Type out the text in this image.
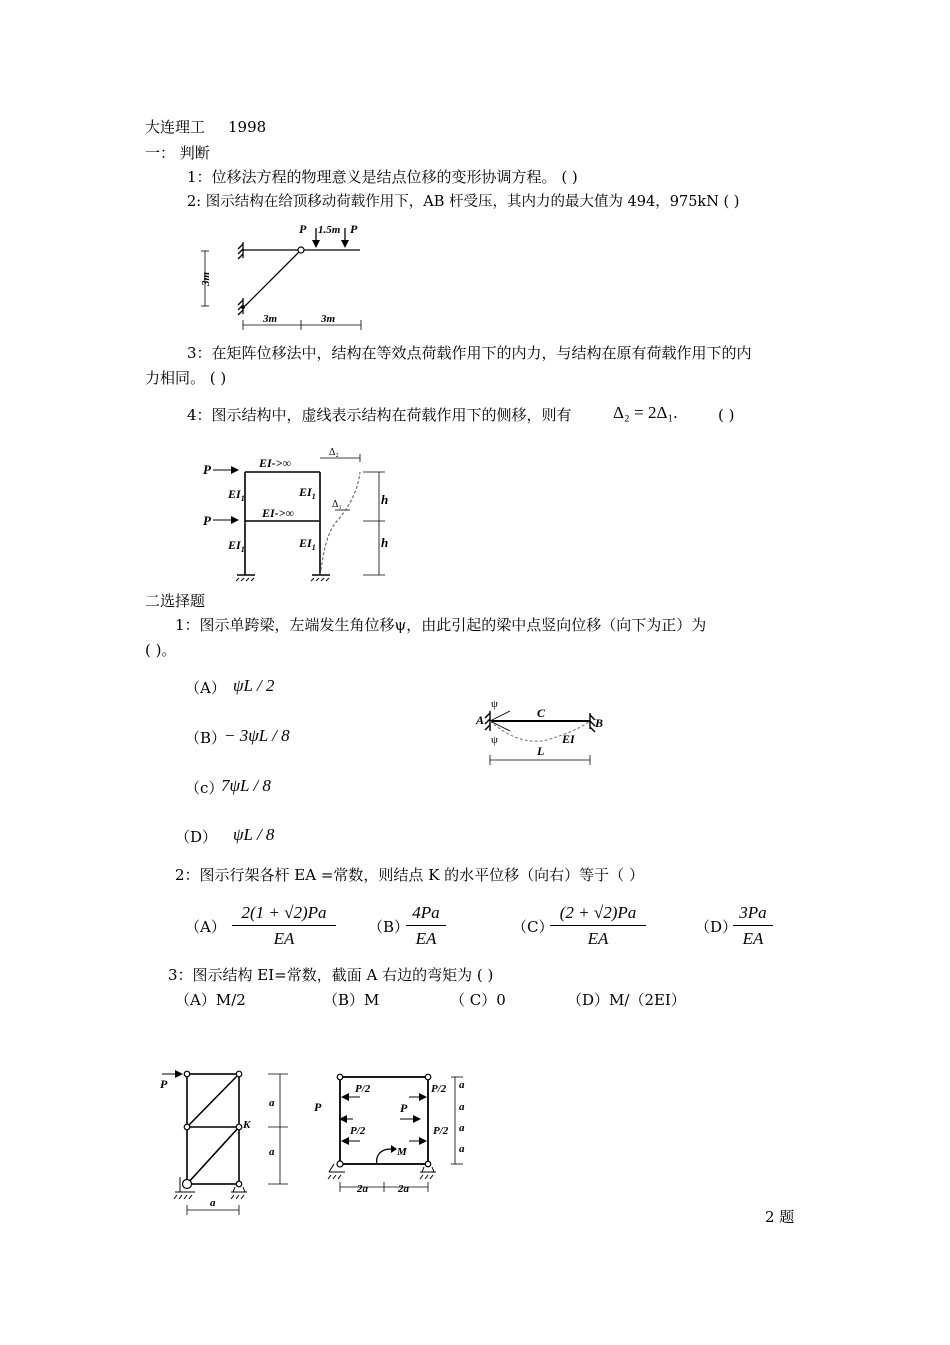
大连理工 1998
一： 判断
1：位移法方程的物理意义是结点位移的变形协调方程。 ( )
2: 图示结构在给顶移动荷载作用下，AB 杆受压，其内力的最大值为 494，975kN ( )
P 1.5m P
3m
3m	3m
3：在矩阵位移法中，结构在等效点荷载作用下的内力，与结构在原有荷载作用下的内
力相同。 ( )
4：图示结构中，虚线表示结构在荷载作用下的侧移，则有 Δ₂ = 2Δ₁.	( )
P
P
EI->∞
EI->∞
$EI_1$	$EI_1$
$EI_1$	$EI_1$
Δ₂
Δ₁	h
h
二选择题
1：图示单跨梁，左端发生角位移ψ，由此引起的梁中点竖向位移（向下为正）为
( )。
（A） ψL / 2
（B）
− 3ψL / 8
（c）
7ψL / 8
（D） ψL / 8
ψ
ψ
A	C
B
EI
L
2：图示行架各杆 EA =常数，则结点 K 的水平位移（向右）等于（ ）
$(A) \frac{2(1 + √2)Pa}{EA} (B)$
$\frac{4Pa}{EA}$	（C）
$\frac{(2 + √2)Pa}{EA}$	（D）
$\frac{3Pa}{EA}$
3：图示结构 EI=常数，截面 A 右边的弯矩为 ( )
（A）M/2	（B）M	（ C）0	（D）M/（2EI）
P
K
a
a
a
P/2	P/2
P	P
P/2	P/2
M
2a	2a
a
a
a
a
2 题
